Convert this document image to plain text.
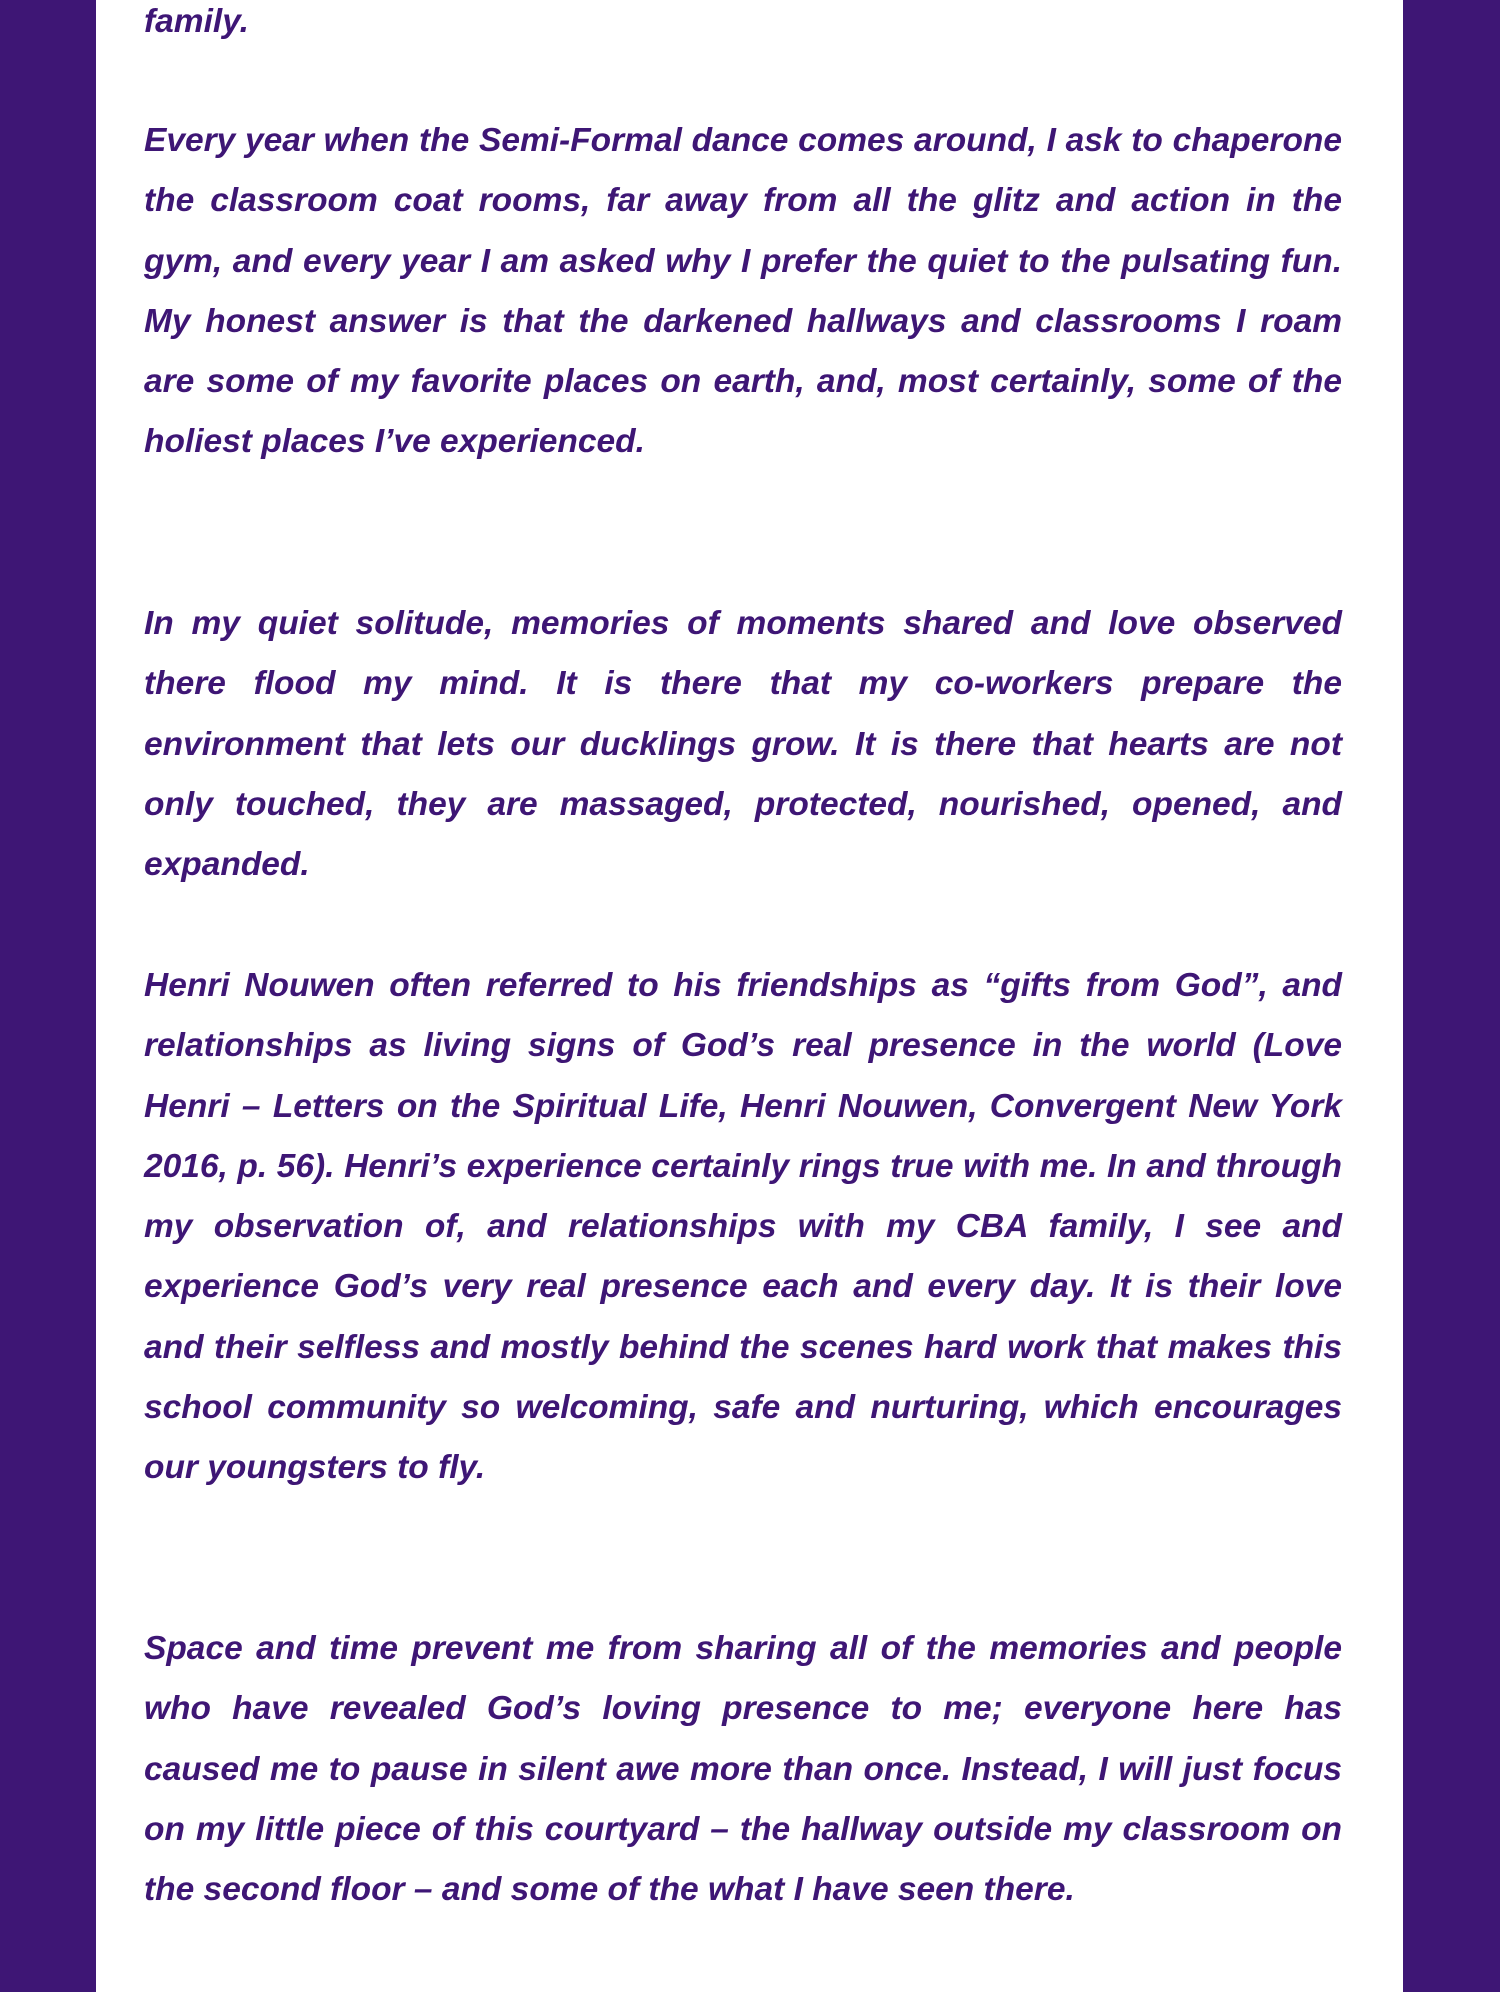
family.

Every year when the Semi-Formal dance comes around, I ask to chaperone the classroom coat rooms, far away from all the glitz and action in the gym, and every year I am asked why I prefer the quiet to the pulsating fun. My honest answer is that the darkened hallways and classrooms I roam are some of my favorite places on earth, and, most certainly, some of the holiest places I’ve experienced.

In my quiet solitude, memories of moments shared and love observed there flood my mind. It is there that my co-workers prepare the environment that lets our ducklings grow. It is there that hearts are not only touched, they are massaged, protected, nourished, opened, and expanded.

Henri Nouwen often referred to his friendships as “gifts from God”, and relationships as living signs of God’s real presence in the world (Love Henri – Letters on the Spiritual Life, Henri Nouwen, Convergent New York 2016, p. 56). Henri’s experience certainly rings true with me. In and through my observation of, and relationships with my CBA family, I see and experience God’s very real presence each and every day. It is their love and their selfless and mostly behind the scenes hard work that makes this school community so welcoming, safe and nurturing, which encourages our youngsters to fly.

Space and time prevent me from sharing all of the memories and people who have revealed God’s loving presence to me; everyone here has caused me to pause in silent awe more than once. Instead, I will just focus on my little piece of this courtyard – the hallway outside my classroom on the second floor – and some of the what I have seen there.
